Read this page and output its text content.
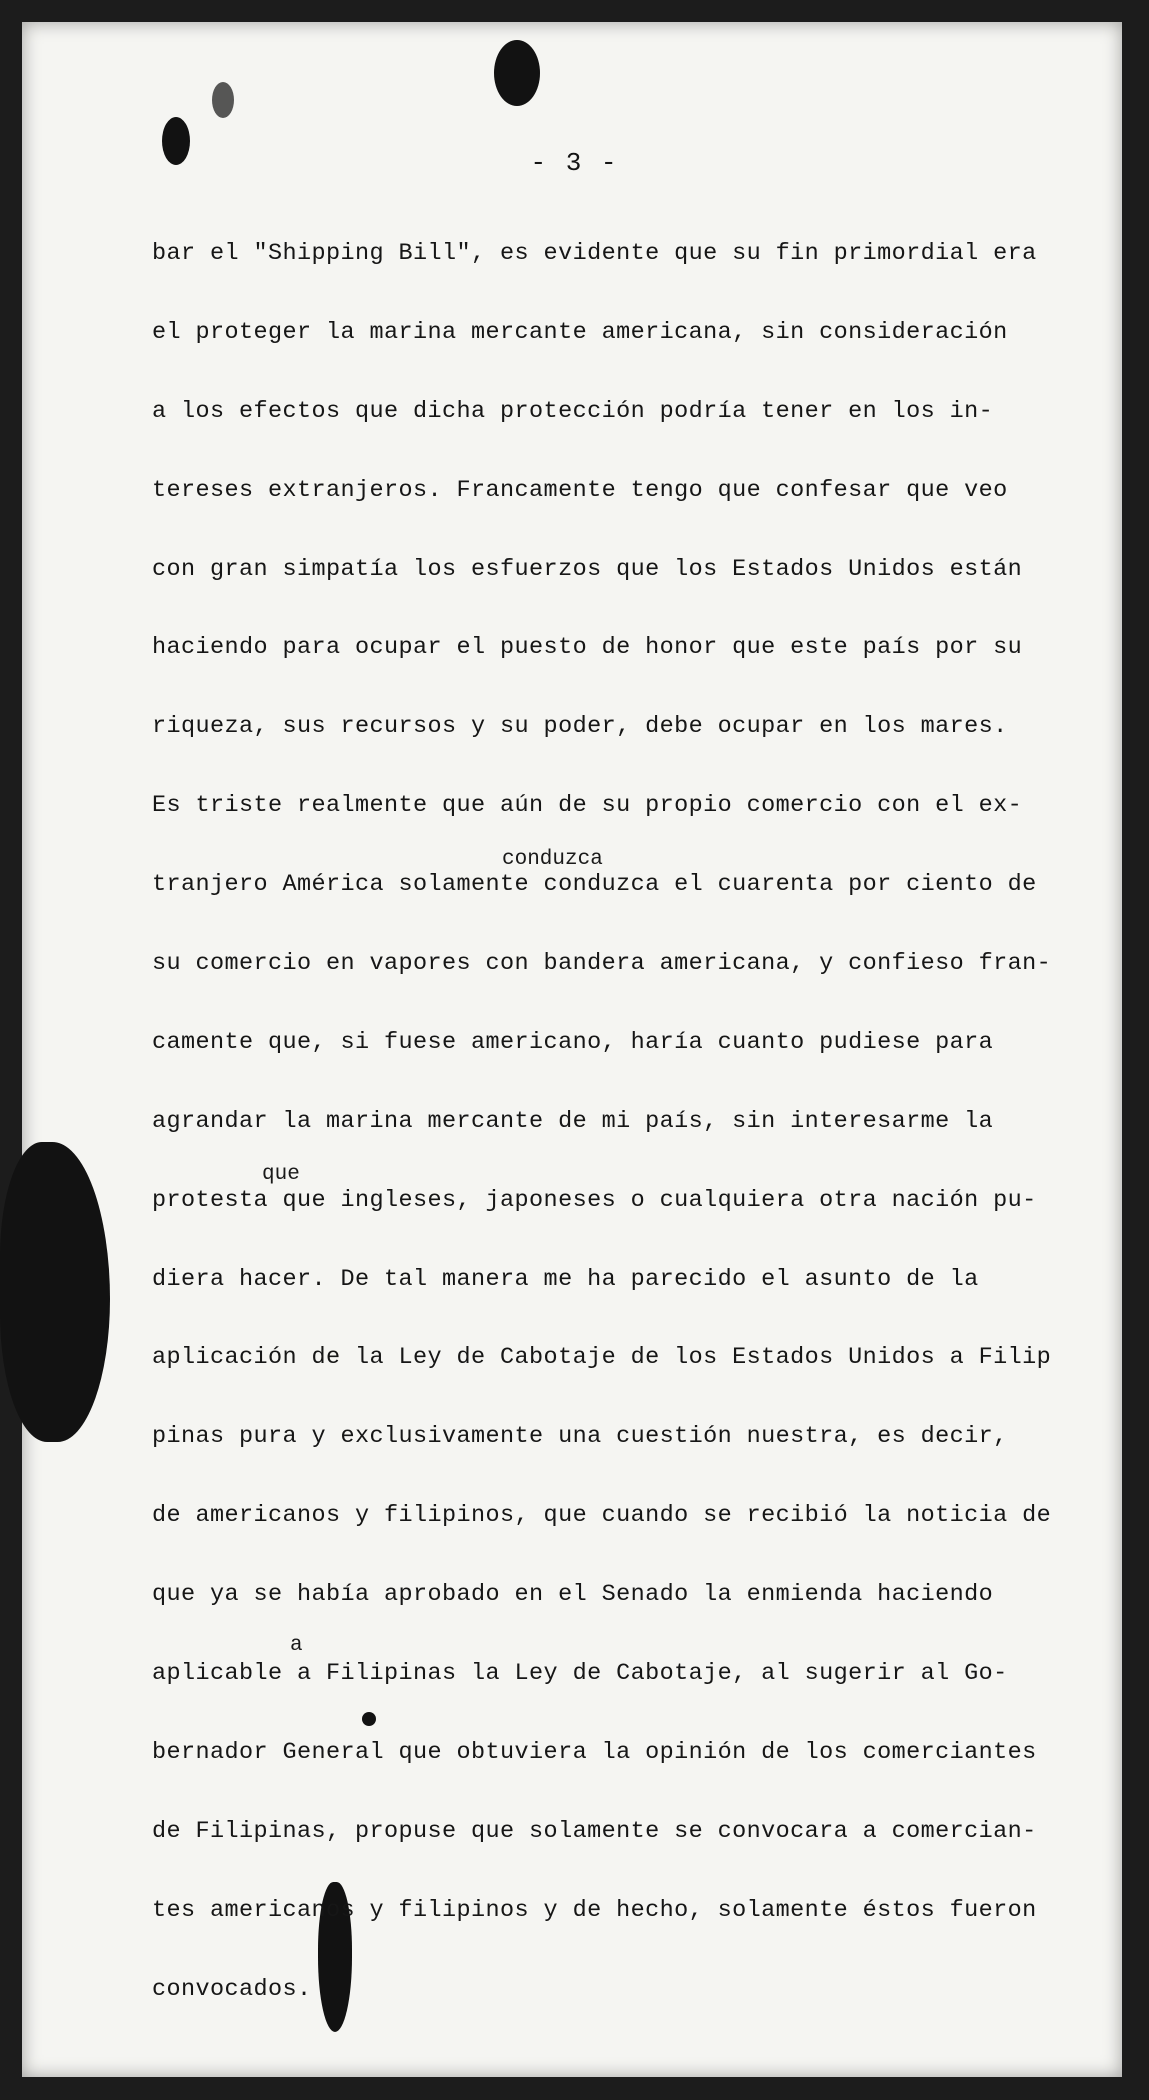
- 3 -
conduzca
que
a
bar el "Shipping Bill", es evidente que su fin primordial era
el proteger la marina mercante americana, sin consideración
a los efectos que dicha protección podría tener en los in-
tereses extranjeros. Francamente tengo que confesar que veo
con gran simpatía los esfuerzos que los Estados Unidos están
haciendo para ocupar el puesto de honor que este país por su
riqueza, sus recursos y su poder, debe ocupar en los mares.
Es triste realmente que aún de su propio comercio con el ex-
tranjero América solamente conduzca el cuarenta por ciento de
su comercio en vapores con bandera americana, y confieso fran-
camente que, si fuese americano, haría cuanto pudiese para
agrandar la marina mercante de mi país, sin interesarme la
protesta que ingleses, japoneses o cualquiera otra nación pu-
diera hacer. De tal manera me ha parecido el asunto de la
aplicación de la Ley de Cabotaje de los Estados Unidos a Filip
pinas pura y exclusivamente una cuestión nuestra, es decir,
de americanos y filipinos, que cuando se recibió la noticia de
que ya se había aprobado en el Senado la enmienda haciendo
aplicable a Filipinas la Ley de Cabotaje, al sugerir al Go-
bernador General que obtuviera la opinión de los comerciantes
de Filipinas, propuse que solamente se convocara a comercian-
tes americanos y filipinos y de hecho, solamente éstos fueron
convocados.
